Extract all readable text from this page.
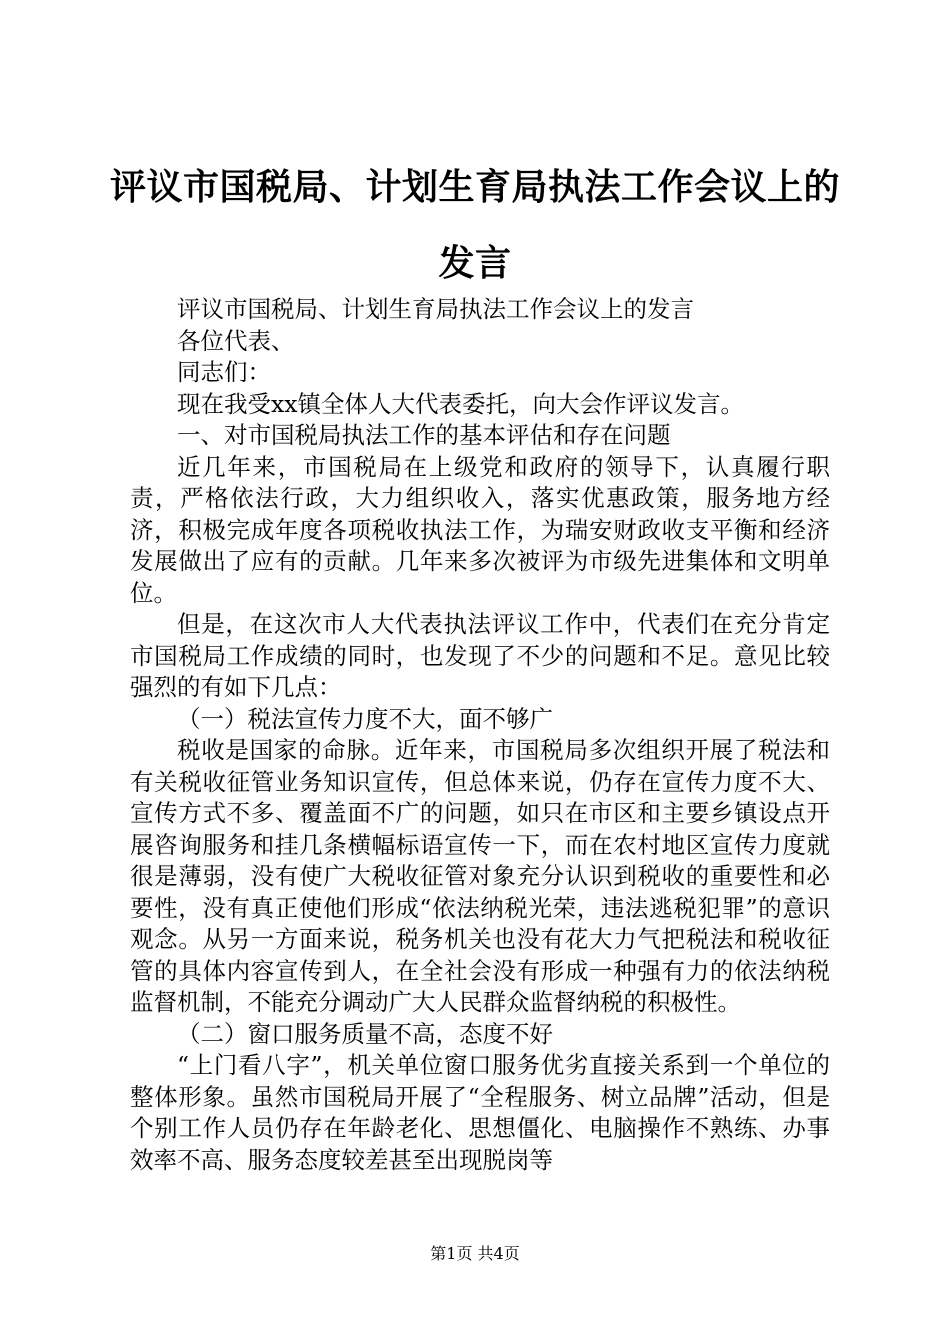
评议市国税局、计划生育局执法工作会议上的发言

评议市国税局、计划生育局执法工作会议上的发言

各位代表、

同志们：

现在我受xx镇全体人大代表委托，向大会作评议发言。

一、对市国税局执法工作的基本评估和存在问题

近几年来，市国税局在上级党和政府的领导下，认真履行职责，严格依法行政，大力组织收入，落实优惠政策，服务地方经济，积极完成年度各项税收执法工作，为瑞安财政收支平衡和经济发展做出了应有的贡献。几年来多次被评为市级先进集体和文明单位。

但是，在这次市人大代表执法评议工作中，代表们在充分肯定市国税局工作成绩的同时，也发现了不少的问题和不足。意见比较强烈的有如下几点：

（一）税法宣传力度不大，面不够广

税收是国家的命脉。近年来，市国税局多次组织开展了税法和有关税收征管业务知识宣传，但总体来说，仍存在宣传力度不大、宣传方式不多、覆盖面不广的问题，如只在市区和主要乡镇设点开展咨询服务和挂几条横幅标语宣传一下，而在农村地区宣传力度就很是薄弱，没有使广大税收征管对象充分认识到税收的重要性和必要性，没有真正使他们形成“依法纳税光荣，违法逃税犯罪”的意识观念。从另一方面来说，税务机关也没有花大力气把税法和税收征管的具体内容宣传到人，在全社会没有形成一种强有力的依法纳税监督机制，不能充分调动广大人民群众监督纳税的积极性。

（二）窗口服务质量不高，态度不好

“上门看八字”，机关单位窗口服务优劣直接关系到一个单位的整体形象。虽然市国税局开展了“全程服务、树立品牌”活动，但是个别工作人员仍存在年龄老化、思想僵化、电脑操作不熟练、办事效率不高、服务态度较差甚至出现脱岗等

第1页 共4页
